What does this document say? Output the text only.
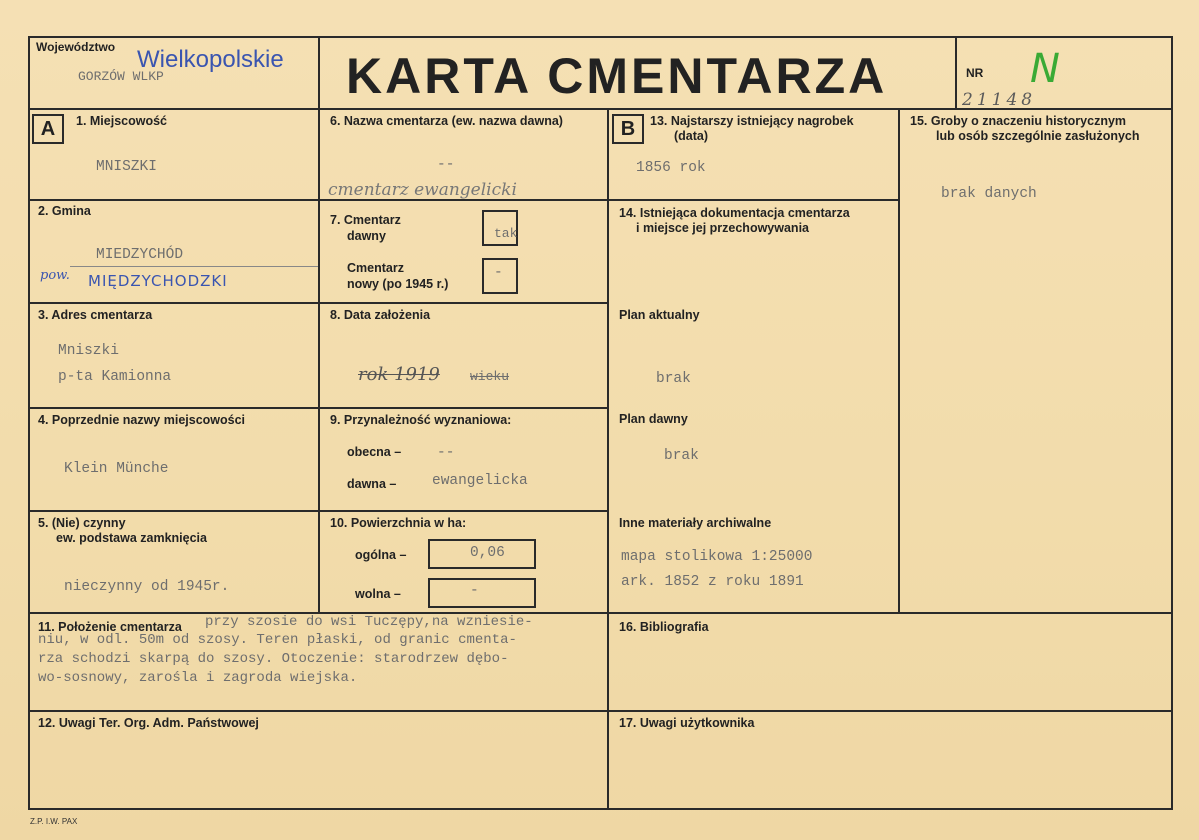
Województwo Wielkopolskie
GORZÓW WLKP	KARTA CMENTARZA	NR N
21148
A	B
1. Miejscowość
MNISZKI
2. Gmina
MIEDZYCHÓD
pow. MIĘDZYCHODZKI
3. Adres cmentarza
Mniszki
p-ta Kamionna
4. Poprzednie nazwy miejscowości
Klein Münche
5. (Nie) czynny
ew. podstawa zamknięcia
nieczynny od 1945r.
6. Nazwa cmentarza (ew. nazwa dawna)
--
cmentarz ewangelicki
7. Cmentarz
dawny	tak
Cmentarz
nowy (po 1945 r.)
-
8. Data założenia
rok 1919 wieku
9. Przynależność wyznaniowa:
obecna – --
dawna – ewangelicka
10. Powierzchnia w ha:
ogólna –	0,06
wolna –	-
11. Położenie cmentarza przy szosie do wsi Tuczępy,na wzniesie-
niu, w odl. 50m od szosy. Teren płaski, od granic cmenta-
rza schodzi skarpą do szosy. Otoczenie: starodrzew dębo-
wo-sosnowy, zarośla i zagroda wiejska.
12. Uwagi Ter. Org. Adm. Państwowej
13. Najstarszy istniejący nagrobek
(data)
1856 rok
14. Istniejąca dokumentacja cmentarza
i miejsce jej przechowywania
Plan aktualny
brak
Plan dawny
brak
Inne materiały archiwalne
mapa stolikowa 1:25000
ark. 1852 z roku 1891
15. Groby o znaczeniu historycznym
lub osób szczególnie zasłużonych
brak danych
16. Bibliografia
17. Uwagi użytkownika
Z.P. I.W. PAX
